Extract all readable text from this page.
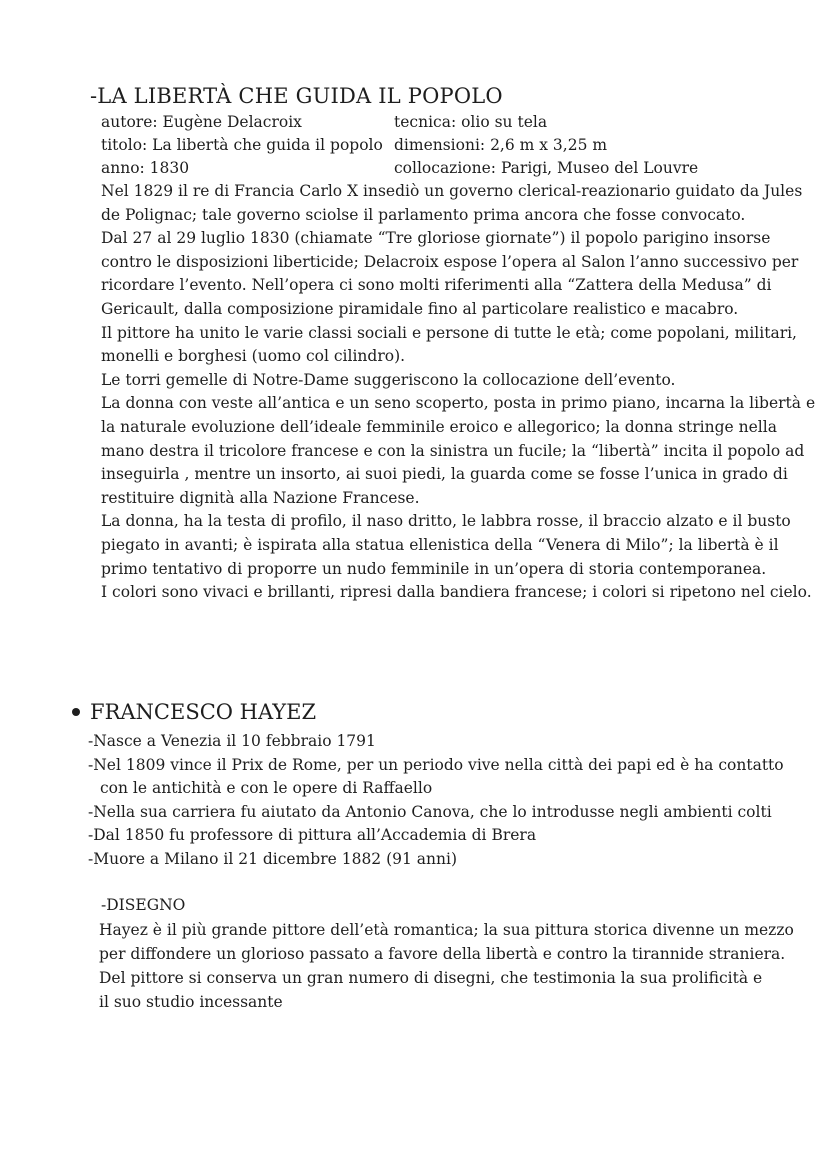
-LA LIBERTÀ CHE GUIDA IL POPOLO
autore: Eugène Delacroix
titolo: La libertà che guida il popolo
anno: 1830
tecnica: olio su tela
dimensioni: 2,6 m x 3,25 m
collocazione: Parigi, Museo del Louvre
Nel 1829 il re di Francia Carlo X insediò un governo clerical-reazionario guidato da Jules
de Polignac; tale governo sciolse il parlamento prima ancora che fosse convocato.
Dal 27 al 29 luglio 1830 (chiamate “Tre gloriose giornate”) il popolo parigino insorse
contro le disposizioni liberticide; Delacroix espose l’opera al Salon l’anno successivo per
ricordare l’evento. Nell’opera ci sono molti riferimenti alla “Zattera della Medusa” di
Gericault, dalla composizione piramidale fino al particolare realistico e macabro.
Il pittore ha unito le varie classi sociali e persone di tutte le età; come popolani, militari,
monelli e borghesi (uomo col cilindro).
Le torri gemelle di Notre-Dame suggeriscono la collocazione dell’evento.
La donna con veste all’antica e un seno scoperto, posta in primo piano, incarna la libertà e
la naturale evoluzione dell’ideale femminile eroico e allegorico; la donna stringe nella
mano destra il tricolore francese e con la sinistra un fucile; la “libertà” incita il popolo ad
inseguirla , mentre un insorto, ai suoi piedi, la guarda come se fosse l’unica in grado di
restituire dignità alla Nazione Francese.
La donna, ha la testa di profilo, il naso dritto, le labbra rosse, il braccio alzato e il busto
piegato in avanti; è ispirata alla statua ellenistica della “Venera di Milo”; la libertà è il
primo tentativo di proporre un nudo femminile in un’opera di storia contemporanea.
I colori sono vivaci e brillanti, ripresi dalla bandiera francese; i colori si ripetono nel cielo.
FRANCESCO HAYEZ
-Nasce a Venezia il 10 febbraio 1791
-Nel 1809 vince il Prix de Rome, per un periodo vive nella città dei papi ed è ha contatto
con le antichità e con le opere di Raffaello
-Nella sua carriera fu aiutato da Antonio Canova, che lo introdusse negli ambienti colti
-Dal 1850 fu professore di pittura all’Accademia di Brera
-Muore a Milano il 21 dicembre 1882 (91 anni)
-DISEGNO
Hayez è il più grande pittore dell’età romantica; la sua pittura storica divenne un mezzo
per diffondere un glorioso passato a favore della libertà e contro la tirannide straniera.
Del pittore si conserva un gran numero di disegni, che testimonia la sua prolificità e
il suo studio incessante
